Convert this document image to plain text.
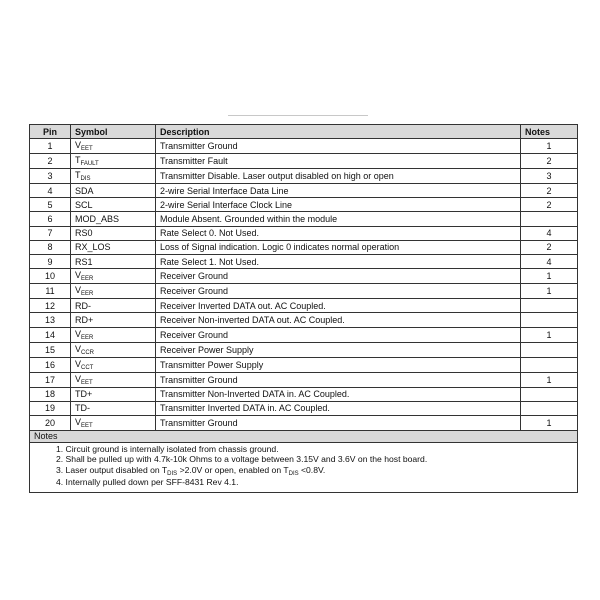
Pin	Symbol	Description	Notes
1	$V_{EET}$	Transmitter Ground	1
2	$T_{FAULT}$	Transmitter Fault	2
3	$T_{DIS}$	Transmitter Disable. Laser output disabled on high or open	3
4	SDA	2-wire Serial Interface Data Line	2
5	SCL	2-wire Serial Interface Clock Line	2
6	MOD_ABS	Module Absent. Grounded within the module	
7	RS0	Rate Select 0. Not Used.	4
8	RX_LOS	Loss of Signal indication. Logic 0 indicates normal operation	2
9	RS1	Rate Select 1. Not Used.	4
10	$V_{EER}$	Receiver Ground	1
11	$V_{EER}$	Receiver Ground	1
12	RD-	Receiver Inverted DATA out. AC Coupled.	
13	RD+	Receiver Non-inverted DATA out. AC Coupled.	
14	$V_{EER}$	Receiver Ground	1
15	$V_{CCR}$	Receiver Power Supply	
16	$V_{CCT}$	Transmitter Power Supply	
17	$V_{EET}$	Transmitter Ground	1
18	TD+	Transmitter Non-Inverted DATA in. AC Coupled.	
19	TD-	Transmitter Inverted DATA in. AC Coupled.	
20	$V_{EET}$	Transmitter Ground	1
Notes			

1. Circuit ground is internally isolated from chassis ground.
2. Shall be pulled up with 4.7k-10k Ohms to a voltage between 3.15V and 3.6V on the host board.
3. Laser output disabled on $T_{DIS} >2.0V$ or open, enabled on $T_{DIS} <0.8V$.
4. Internally pulled down per SFF-8431 Rev 4.1.			
